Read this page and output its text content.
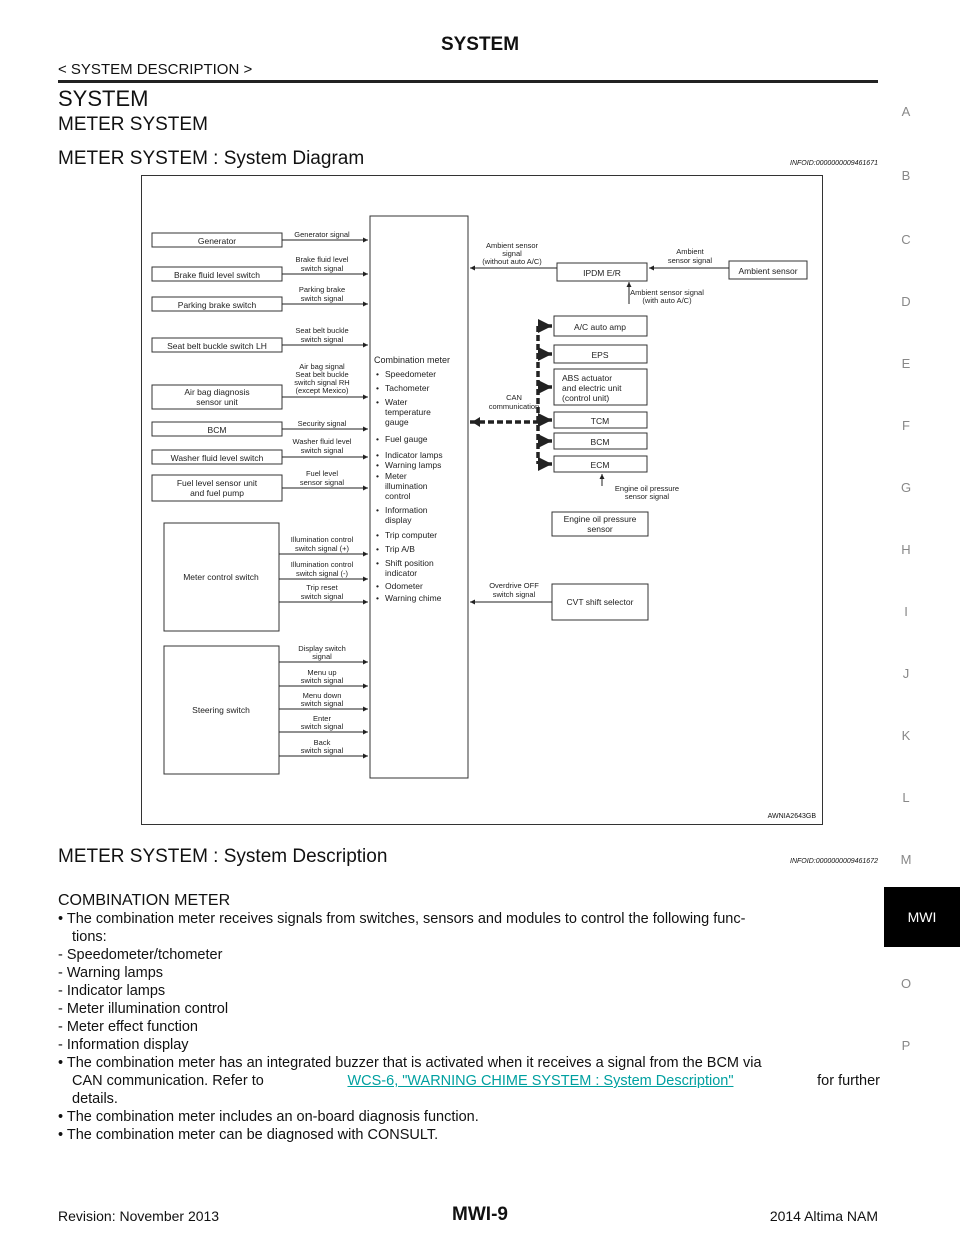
SYSTEM
< SYSTEM DESCRIPTION >
SYSTEM
METER SYSTEM
METER SYSTEM : System Diagram	INFOID:0000000009461671
Generator
Brake fluid level switch
Parking brake switch
Seat belt buckle switch LH
Air bag diagnosis
sensor unit
BCM
Washer fluid level switch
Fuel level sensor unit
and fuel pump
Meter control switch
Steering switch
Generator signal
Brake fluid level
switch signal
Parking brake
switch signal
Seat belt buckle
switch signal
Air bag signal
Seat belt buckle
switch signal RH
(except Mexico)
Security signal
Washer fluid level
switch signal
Fuel level
sensor signal
Illumination control
switch signal (+)
Illumination control
switch signal (-)
Trip reset
switch signal
Display switch
signal
Menu up
switch signal
Menu down
switch signal
Enter
switch signal
Back
switch signal
Combination meter
• Speedometer
• Tachometer
• Water
temperature
gauge
• Fuel gauge
• Indicator lamps
• Warning lamps
• Meter
illumination
control
• Information
display
• Trip computer
• Trip A/B
• Shift position
indicator
• Odometer
• Warning chime
IPDM E/R	Ambient sensor
A/C auto amp
EPS
ABS actuator
and electric unit
(control unit)
TCM
BCM
ECM
Engine oil pressure
sensor
CVT shift selector
Ambient sensor
signal
(without auto A/C)
Ambient
sensor signal
Ambient sensor signal
(with auto A/C)
CAN
communication
Engine oil pressure
sensor signal
Overdrive OFF
switch signal
AWNIA2643GB
METER SYSTEM : System Description	INFOID:0000000009461672
COMBINATION METER
• The combination meter receives signals from switches, sensors and modules to control the following func-
tions:
- Speedometer/tchometer
- Warning lamps
- Indicator lamps
- Meter illumination control
- Meter effect function
- Information display
• The combination meter has an integrated buzzer that is activated when it receives a signal from the BCM via
CAN communication. Refer to	WCS-6, "WARNING CHIME SYSTEM : System Description"	for further
details.
• The combination meter includes an on-board diagnosis function.
• The combination meter can be diagnosed with CONSULT.
A
B
C
D
E
F
G
H
I
J
K
L
M
O
P
MWI
Revision: November 2013	MWI-9	2014 Altima NAM
